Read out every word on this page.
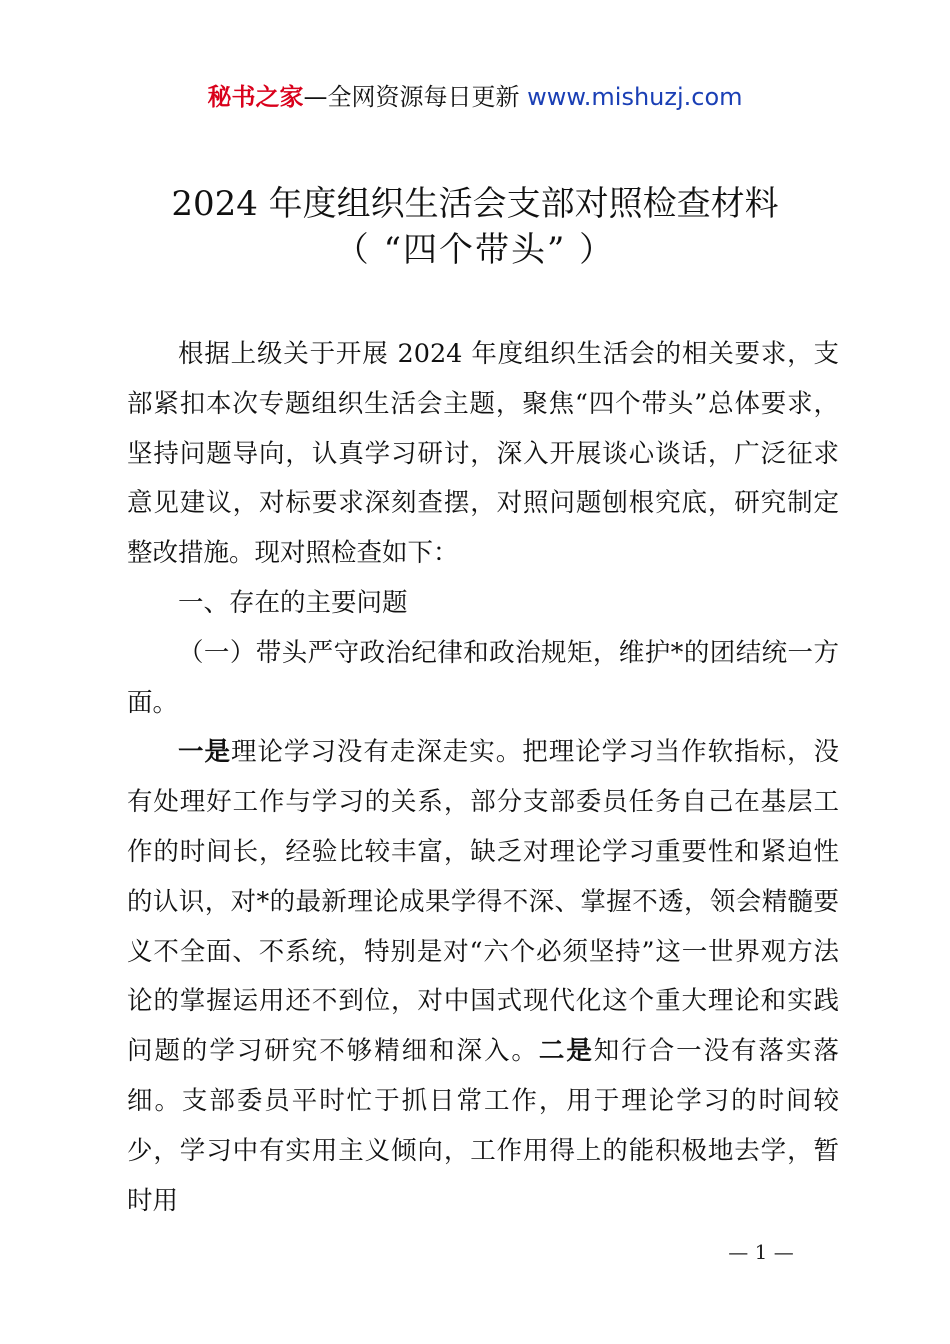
秘书之家—全网资源每日更新 www.mishuzj.com
2024 年度组织生活会支部对照检查材料
（ “四个带头” ）

根据上级关于开展 2024 年度组织生活会的相关要求，支部紧扣本次专题组织生活会主题，聚焦“四个带头”总体要求，坚持问题导向，认真学习研讨，深入开展谈心谈话，广泛征求意见建议，对标要求深刻查摆，对照问题刨根究底，研究制定整改措施。现对照检查如下：

一、存在的主要问题

（一）带头严守政治纪律和政治规矩，维护*的团结统一方面。

一是理论学习没有走深走实。把理论学习当作软指标，没有处理好工作与学习的关系，部分支部委员任务自己在基层工作的时间长，经验比较丰富，缺乏对理论学习重要性和紧迫性的认识，对*的最新理论成果学得不深、掌握不透，领会精髓要义不全面、不系统，特别是对“六个必须坚持”这一世界观方法论的掌握运用还不到位，对中国式现代化这个重大理论和实践问题的学习研究不够精细和深入。二是知行合一没有落实落细。支部委员平时忙于抓日常工作，用于理论学习的时间较少，学习中有实用主义倾向，工作用得上的能积极地去学，暂时用

— 1 —
